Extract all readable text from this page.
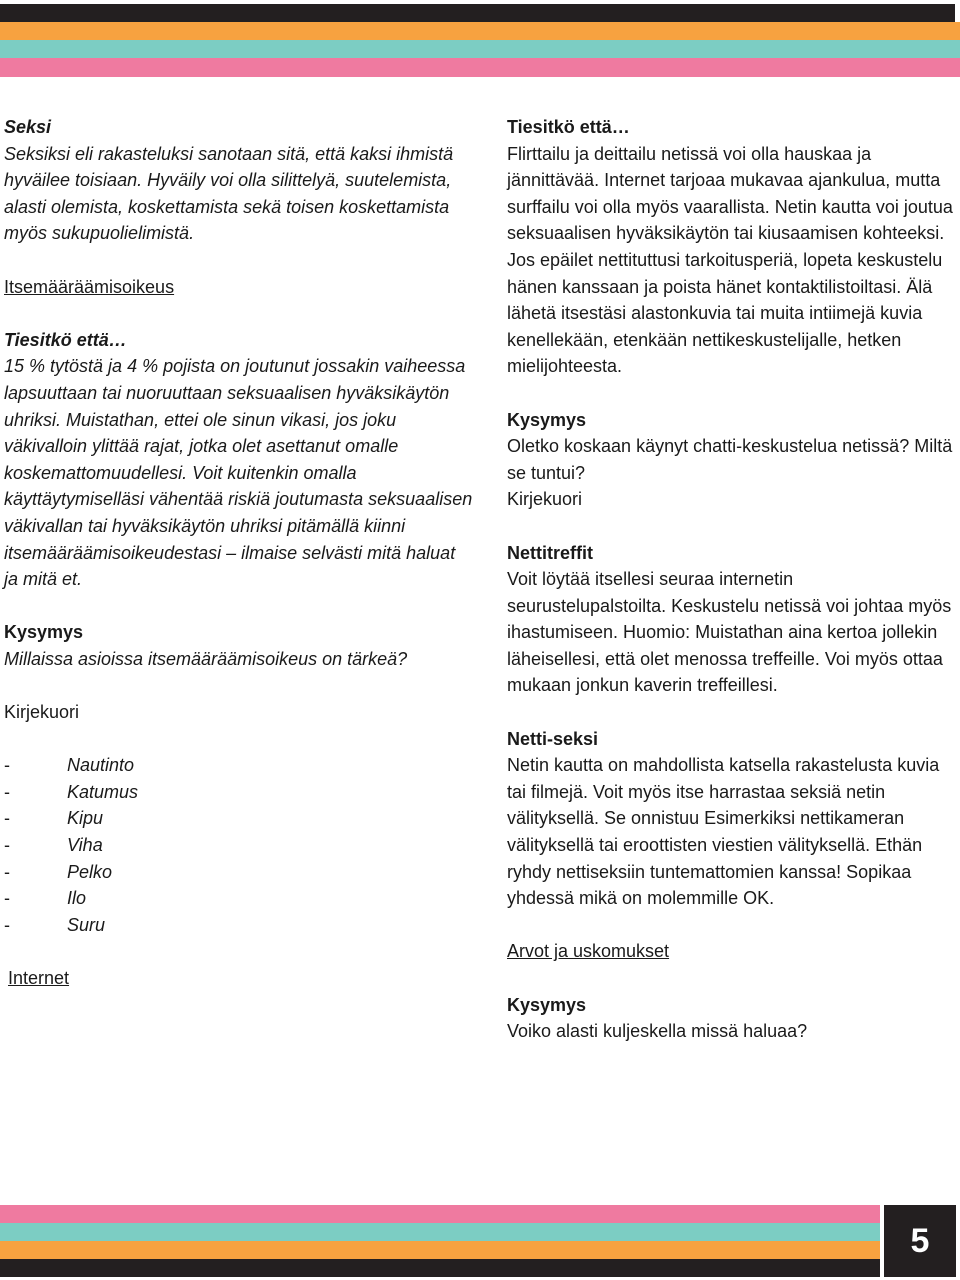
Seksi

Seksiksi eli rakasteluksi sanotaan sitä, että kaksi ihmistä hyväilee toisiaan. Hyväily voi olla silittelyä, suutelemista, alasti olemista, koskettamista sekä toisen koskettamista myös sukupuolielimistä.

Itsemääräämisoikeus

Tiesitkö että…

15 % tytöstä ja 4 % pojista on joutunut jossakin vaiheessa lapsuuttaan tai nuoruuttaan seksuaalisen hyväksikäytön uhriksi. Muistathan, ettei ole sinun vikasi, jos joku väkivalloin ylittää rajat, jotka olet asettanut omalle koskemattomuudellesi. Voit kuitenkin omalla käyttäytymiselläsi vähentää riskiä joutumasta seksuaalisen väkivallan tai hyväksikäytön uhriksi pitämällä kiinni itsemääräämisoikeudestasi – ilmaise selvästi mitä haluat ja mitä et.

Kysymys

Millaissa asioissa itsemääräämisoikeus on tärkeä?

Kirjekuori

-	Nautinto
-	Katumus
-	Kipu
-	Viha
-	Pelko
-	Ilo
-	Suru

Internet

Tiesitkö että…

Flirttailu ja deittailu netissä voi olla hauskaa ja jännittävää. Internet tarjoaa mukavaa ajankulua, mutta surffailu voi olla myös vaarallista. Netin kautta voi joutua seksuaalisen hyväksikäytön tai kiusaamisen kohteeksi. Jos epäilet nettituttusi tarkoitusperiä, lopeta keskustelu hänen kanssaan ja poista hänet kontaktilistoiltasi. Älä lähetä itsestäsi alastonkuvia tai muita intiimejä kuvia kenellekään, etenkään nettikeskustelijalle, hetken mielijohteesta.

Kysymys

Oletko koskaan käynyt chatti-keskustelua netissä? Miltä se tuntui?

Kirjekuori

Nettitreffit

Voit löytää itsellesi seuraa internetin seurustelupalstoilta. Keskustelu netissä voi johtaa myös ihastumiseen. Huomio: Muistathan aina kertoa jollekin läheisellesi, että olet menossa treffeille. Voi myös ottaa mukaan jonkun kaverin treffeillesi.

Netti-seksi

Netin kautta on mahdollista katsella rakastelusta kuvia tai filmejä. Voit myös itse harrastaa seksiä netin välityksellä. Se onnistuu Esimerkiksi nettikameran välityksellä tai eroottisten viestien välityksellä. Ethän ryhdy nettiseksiin tuntemattomien kanssa! Sopikaa yhdessä mikä on molemmille OK.

Arvot ja uskomukset

Kysymys

Voiko alasti kuljeskella missä haluaa?

5
